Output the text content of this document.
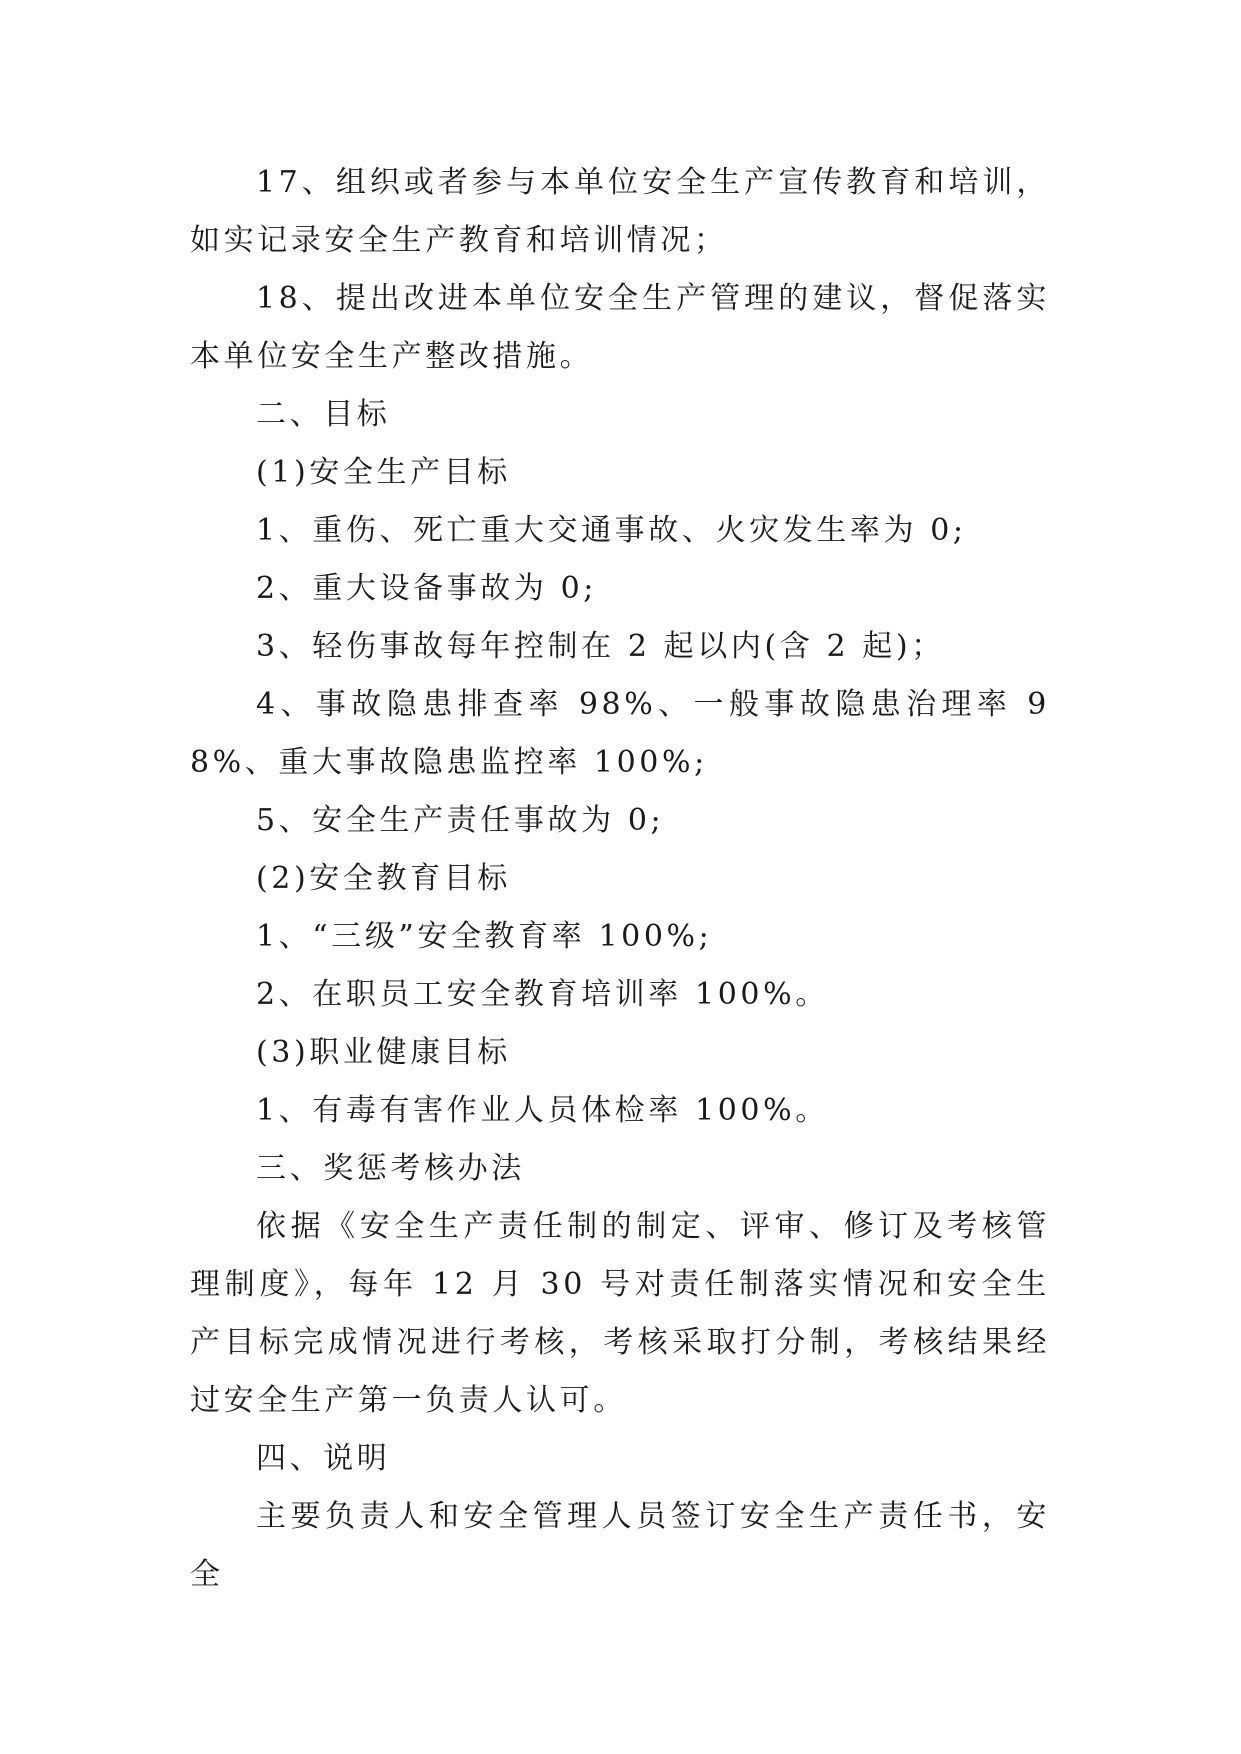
17、组织或者参与本单位安全生产宣传教育和培训，如实记录安全生产教育和培训情况；

18、提出改进本单位安全生产管理的建议，督促落实本单位安全生产整改措施。

二、目标

(1)安全生产目标

1、重伤、死亡重大交通事故、火灾发生率为 0;

2、重大设备事故为 0;

3、轻伤事故每年控制在 2 起以内(含 2 起)；

4、事故隐患排查率 98%、一般事故隐患治理率 98%、重大事故隐患监控率 100%;

5、安全生产责任事故为 0;

(2)安全教育目标

1、“三级”安全教育率 100%;

2、在职员工安全教育培训率 100%。

(3)职业健康目标

1、有毒有害作业人员体检率 100%。

三、奖惩考核办法

依据《安全生产责任制的制定、评审、修订及考核管理制度》，每年 12 月 30 号对责任制落实情况和安全生产目标完成情况进行考核，考核采取打分制，考核结果经过安全生产第一负责人认可。

四、说明

主要负责人和安全管理人员签订安全生产责任书，安全
